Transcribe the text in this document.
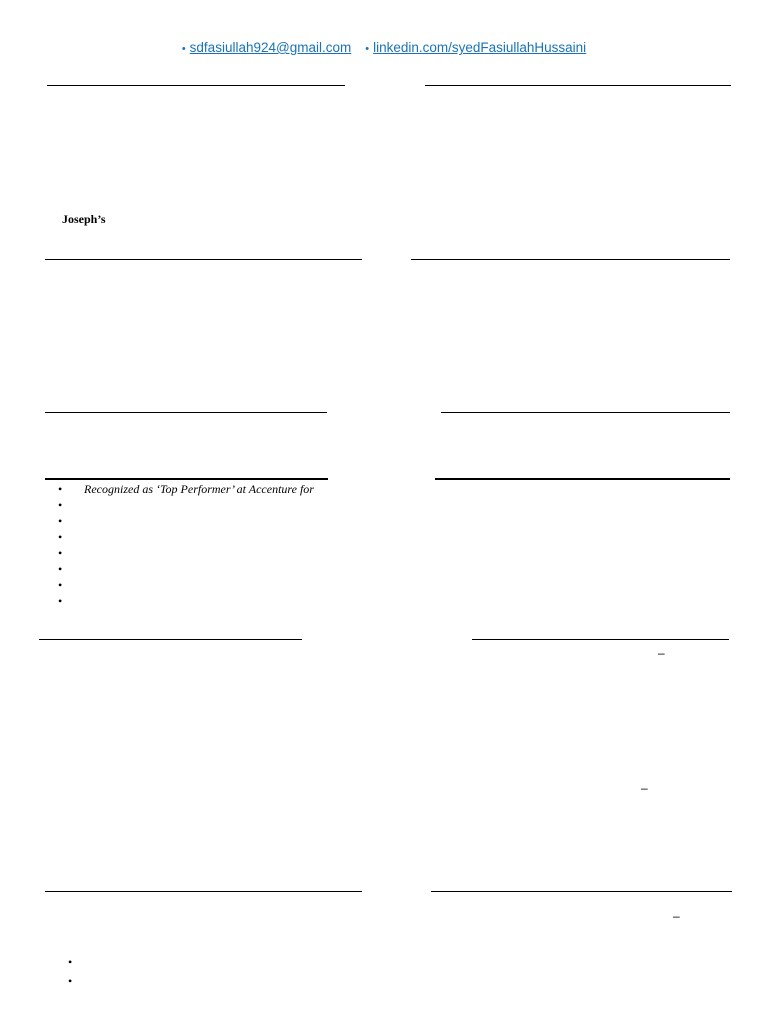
• sdfasiullah924@gmail.com • linkedin.com/syedFasiullahHussaini
Joseph’s
• Recognized as ‘Top Performer’ at Accenture for
•
•
•
•
•
•
•
–
–
–
•
•
